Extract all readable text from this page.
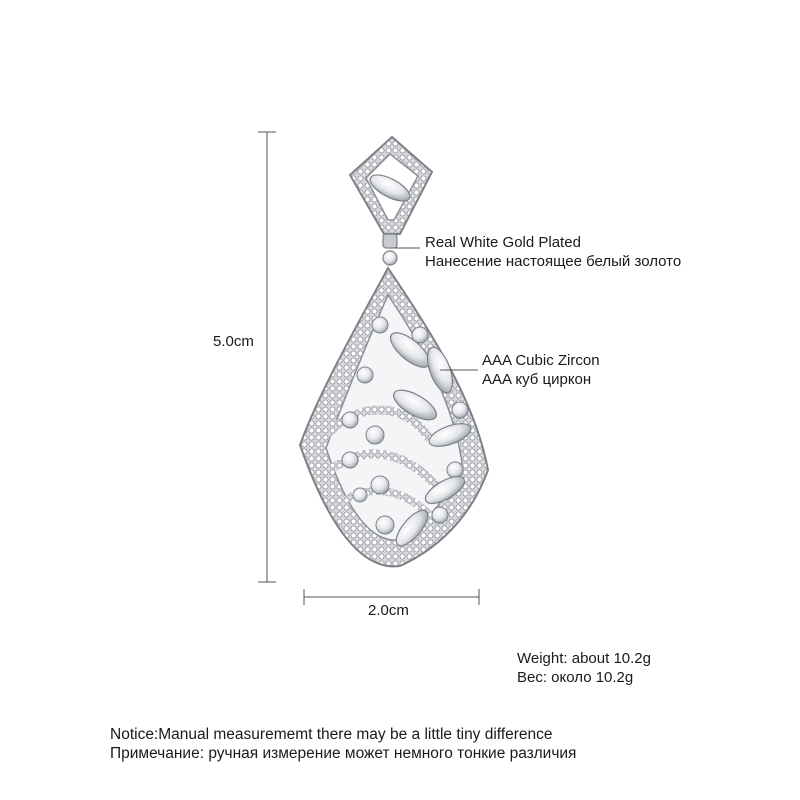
Real White Gold Plated
Нанесение настоящее белый золото
AAA Cubic Zircon
AAA куб циркон
5.0cm
2.0cm
Weight: about 10.2g
Вес: около 10.2g
Notice:Manual measurememt there may be a little tiny difference
Примечание: ручная измерение может немного тонкие различия
